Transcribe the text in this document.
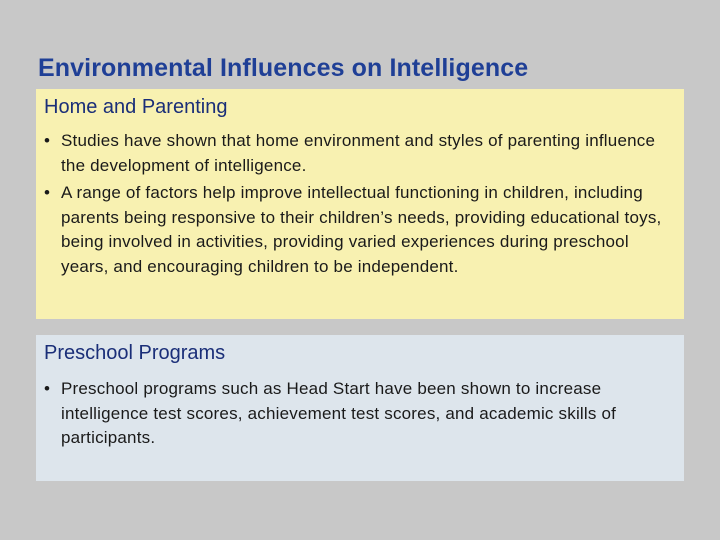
Environmental Influences on Intelligence
Home and Parenting
• Studies have shown that home environment and styles of parenting influence the development of intelligence.
• A range of factors help improve intellectual functioning in children, including parents being responsive to their children’s needs, providing educational toys, being involved in activities, providing varied experiences during preschool years, and encouraging children to be independent.
Preschool Programs
• Preschool programs such as Head Start have been shown to increase intelligence test scores, achievement test scores, and academic skills of participants.
